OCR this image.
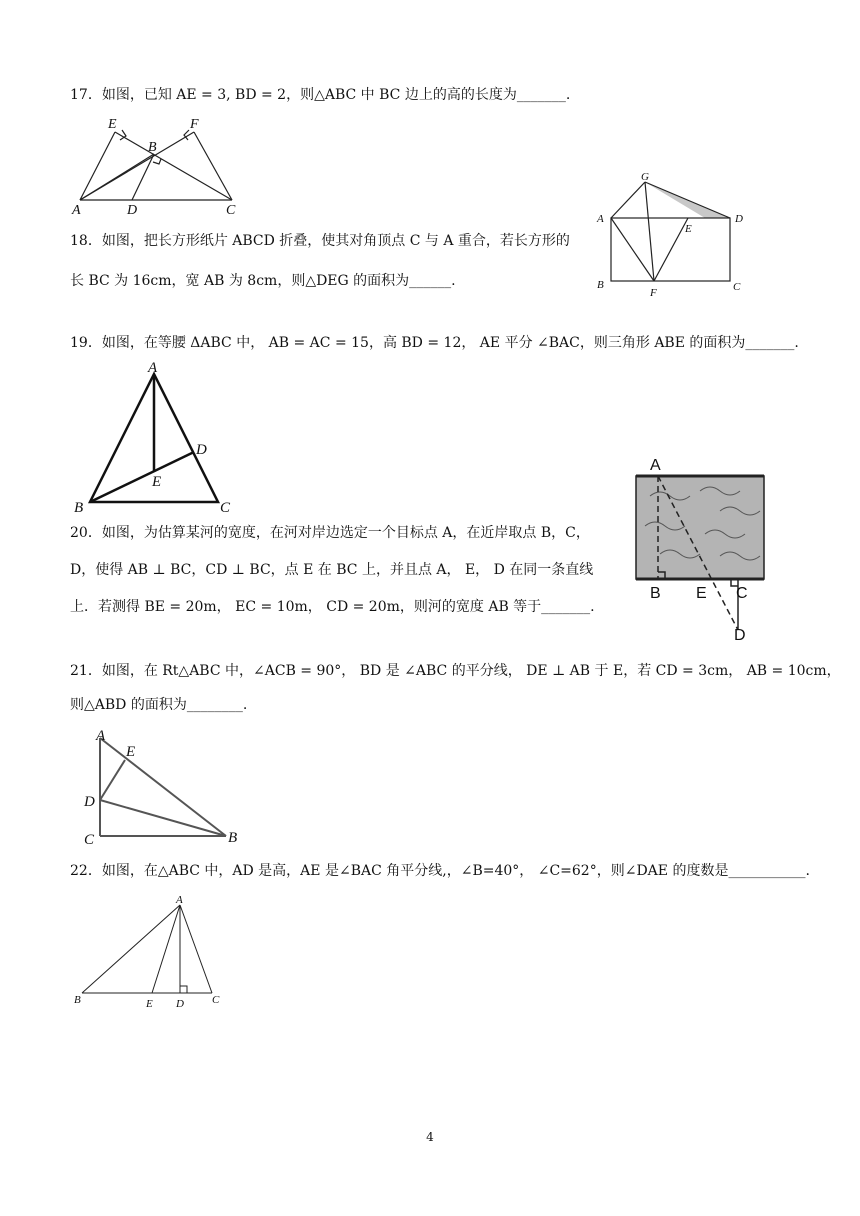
17．如图，已知 AE = 3, BD = 2，则△ABC 中 BC 边上的高的长度为_______.
E	F
B
A	D	C
18．如图，把长方形纸片 ABCD 折叠，使其对角顶点 C 与 A 重合，若长方形的
长 BC 为 16cm，宽 AB 为 8cm，则△DEG 的面积为______.
G
A
E
D
B
F	C
19．如图，在等腰 ΔABC 中， AB = AC = 15，高 BD = 12， AE 平分 ∠BAC，则三角形 ABE 的面积为_______.
A
D
E
B	C
20．如图，为估算某河的宽度，在河对岸边选定一个目标点 A，在近岸取点 B，C，
D，使得 AB ⊥ BC，CD ⊥ BC，点 E 在 BC 上，并且点 A， E， D 在同一条直线
上．若测得 BE = 20m， EC = 10m， CD = 20m，则河的宽度 AB 等于_______.
A
B E C
D
21．如图，在 Rt△ABC 中，∠ACB = 90°， BD 是 ∠ABC 的平分线， DE ⊥ AB 于 E，若 CD = 3cm， AB = 10cm，
则△ABD 的面积为________.
A
E
D
C	B
22．如图，在△ABC 中，AD 是高，AE 是∠BAC 角平分线,，∠B=40°， ∠C=62°，则∠DAE 的度数是___________.
A
B	E D	C
4
